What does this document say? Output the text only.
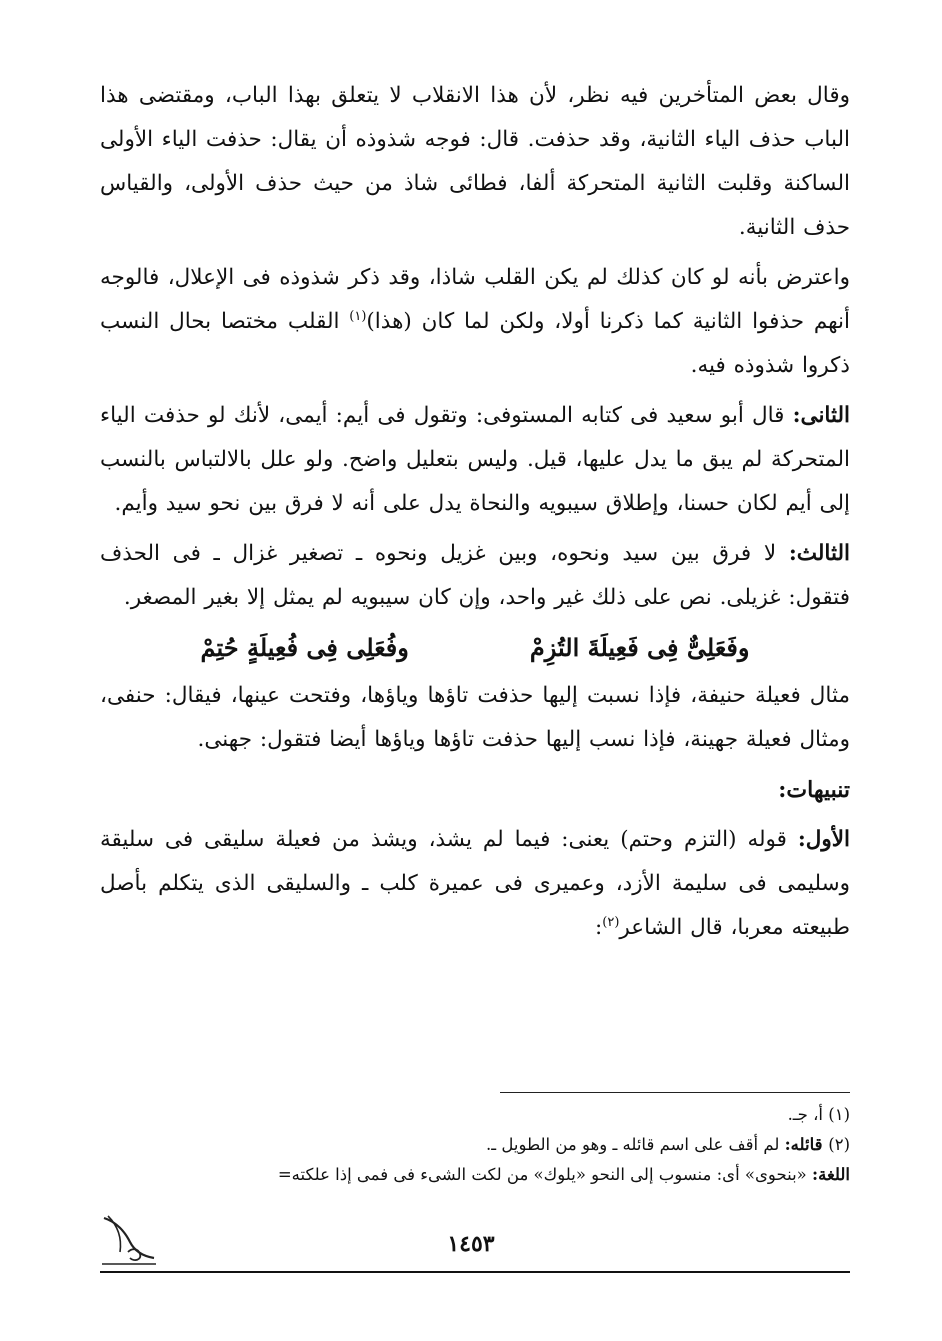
وقال بعض المتأخرين فيه نظر، لأن هذا الانقلاب لا يتعلق بهذا الباب، ومقتضى هذا الباب حذف الياء الثانية، وقد حذفت. قال: فوجه شذوذه أن يقال: حذفت الياء الأولى الساكنة وقلبت الثانية المتحركة ألفا، فطائى شاذ من حيث حذف الأولى، والقياس حذف الثانية.

واعترض بأنه لو كان كذلك لم يكن القلب شاذا، وقد ذكر شذوذه فى الإعلال، فالوجه أنهم حذفوا الثانية كما ذكرنا أولا، ولكن لما كان (هذا)$^{(١)}$ القلب مختصا بحال النسب ذكروا شذوذه فيه.

الثانى: قال أبو سعيد فى كتابه المستوفى: وتقول فى أيم: أيمى، لأنك لو حذفت الياء المتحركة لم يبق ما يدل عليها، قيل. وليس بتعليل واضح. ولو علل بالالتباس بالنسب إلى أيم لكان حسنا، وإطلاق سيبويه والنحاة يدل على أنه لا فرق بين نحو سيد وأيم.

الثالث: لا فرق بين سيد ونحوه، وبين غزيل ونحوه ـ تصغير غزال ـ فى الحذف فتقول: غزيلى. نص على ذلك غير واحد، وإن كان سيبويه لم يمثل إلا بغير المصغر.

وفَعَلِىٌّ فِى فَعِيلَةَ التُزِمْ
وفُعَلِى فِى فُعِيلَةٍ حُتِمْ

مثال فعيلة حنيفة، فإذا نسبت إليها حذفت تاؤها وياؤها، وفتحت عينها، فيقال: حنفى، ومثال فعيلة جهينة، فإذا نسب إليها حذفت تاؤها وياؤها أيضا فتقول: جهنى.

تنبيهات:

الأول: قوله (التزم وحتم) يعنى: فيما لم يشذ، ويشذ من فعيلة سليقى فى سليقة وسليمى فى سليمة الأزد، وعميرى فى عميرة كلب ـ والسليقى الذى يتكلم بأصل طبيعته معربا، قال الشاعر$^{(٢)}$:

(١) أ، جـ.
(٢) قائله: لم أقف على اسم قائله ـ وهو من الطويل ـ.
اللغة: «بنحوى» أى: منسوب إلى النحو «يلوك» من لكت الشىء فى فمى إذا علكته=
١٤٥٣
